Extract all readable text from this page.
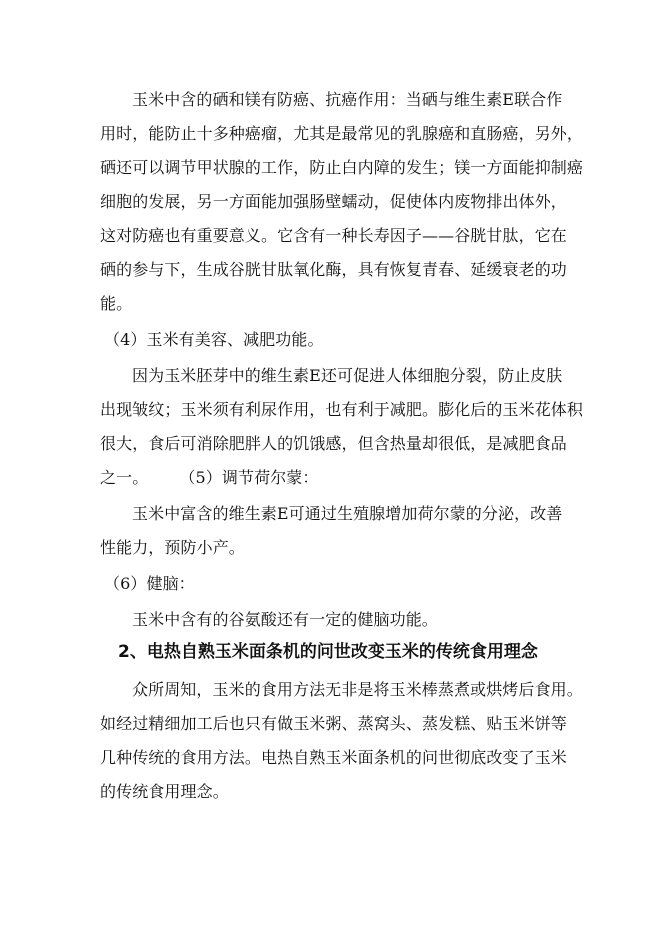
玉米中含的硒和镁有防癌、抗癌作用：当硒与维生素E联合作
用时，能防止十多种癌瘤，尤其是最常见的乳腺癌和直肠癌，另外，
硒还可以调节甲状腺的工作，防止白内障的发生；镁一方面能抑制癌
细胞的发展，另一方面能加强肠壁蠕动，促使体内废物排出体外，
这对防癌也有重要意义。它含有一种长寿因子——谷胱甘肽，它在
硒的参与下，生成谷胱甘肽氧化酶，具有恢复青春、延缓衰老的功
能。
（4）玉米有美容、减肥功能。
因为玉米胚芽中的维生素E还可促进人体细胞分裂，防止皮肤
出现皱纹；玉米须有利尿作用，也有利于减肥。膨化后的玉米花体积
很大，食后可消除肥胖人的饥饿感，但含热量却很低，是减肥食品
之一。      （5）调节荷尔蒙：
玉米中富含的维生素E可通过生殖腺增加荷尔蒙的分泌，改善
性能力，预防小产。
（6）健脑：
玉米中含有的谷氨酸还有一定的健脑功能。
2、电热自熟玉米面条机的问世改变玉米的传统食用理念
众所周知，玉米的食用方法无非是将玉米棒蒸煮或烘烤后食用。
如经过精细加工后也只有做玉米粥、蒸窝头、蒸发糕、贴玉米饼等
几种传统的食用方法。电热自熟玉米面条机的问世彻底改变了玉米
的传统食用理念。
